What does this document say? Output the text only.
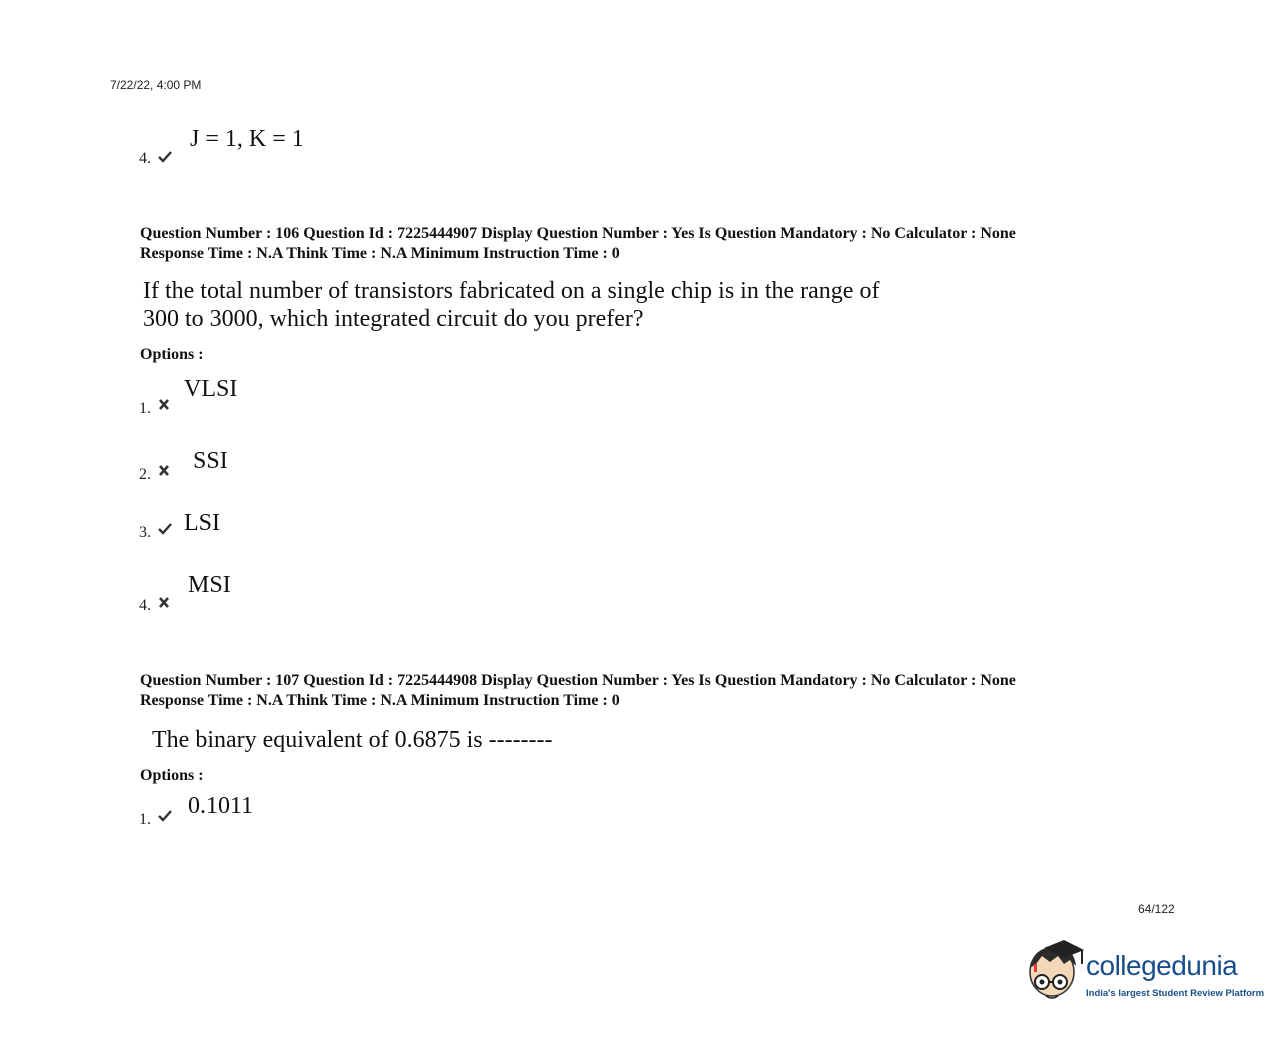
7/22/22, 4:00 PM
4.
J = 1, K = 1
Question Number : 106 Question Id : 7225444907 Display Question Number : Yes Is Question Mandatory : No Calculator : None
Response Time : N.A Think Time : N.A Minimum Instruction Time : 0
If the total number of transistors fabricated on a single chip is in the range of
300 to 3000, which integrated circuit do you prefer?
Options :
1.
VLSI
2.
SSI
3. LSI
4.
MSI
Question Number : 107 Question Id : 7225444908 Display Question Number : Yes Is Question Mandatory : No Calculator : None
Response Time : N.A Think Time : N.A Minimum Instruction Time : 0
The binary equivalent of 0.6875 is --------
Options :
1.
0.1011
64/122
collegedunia
India's largest Student Review Platform
